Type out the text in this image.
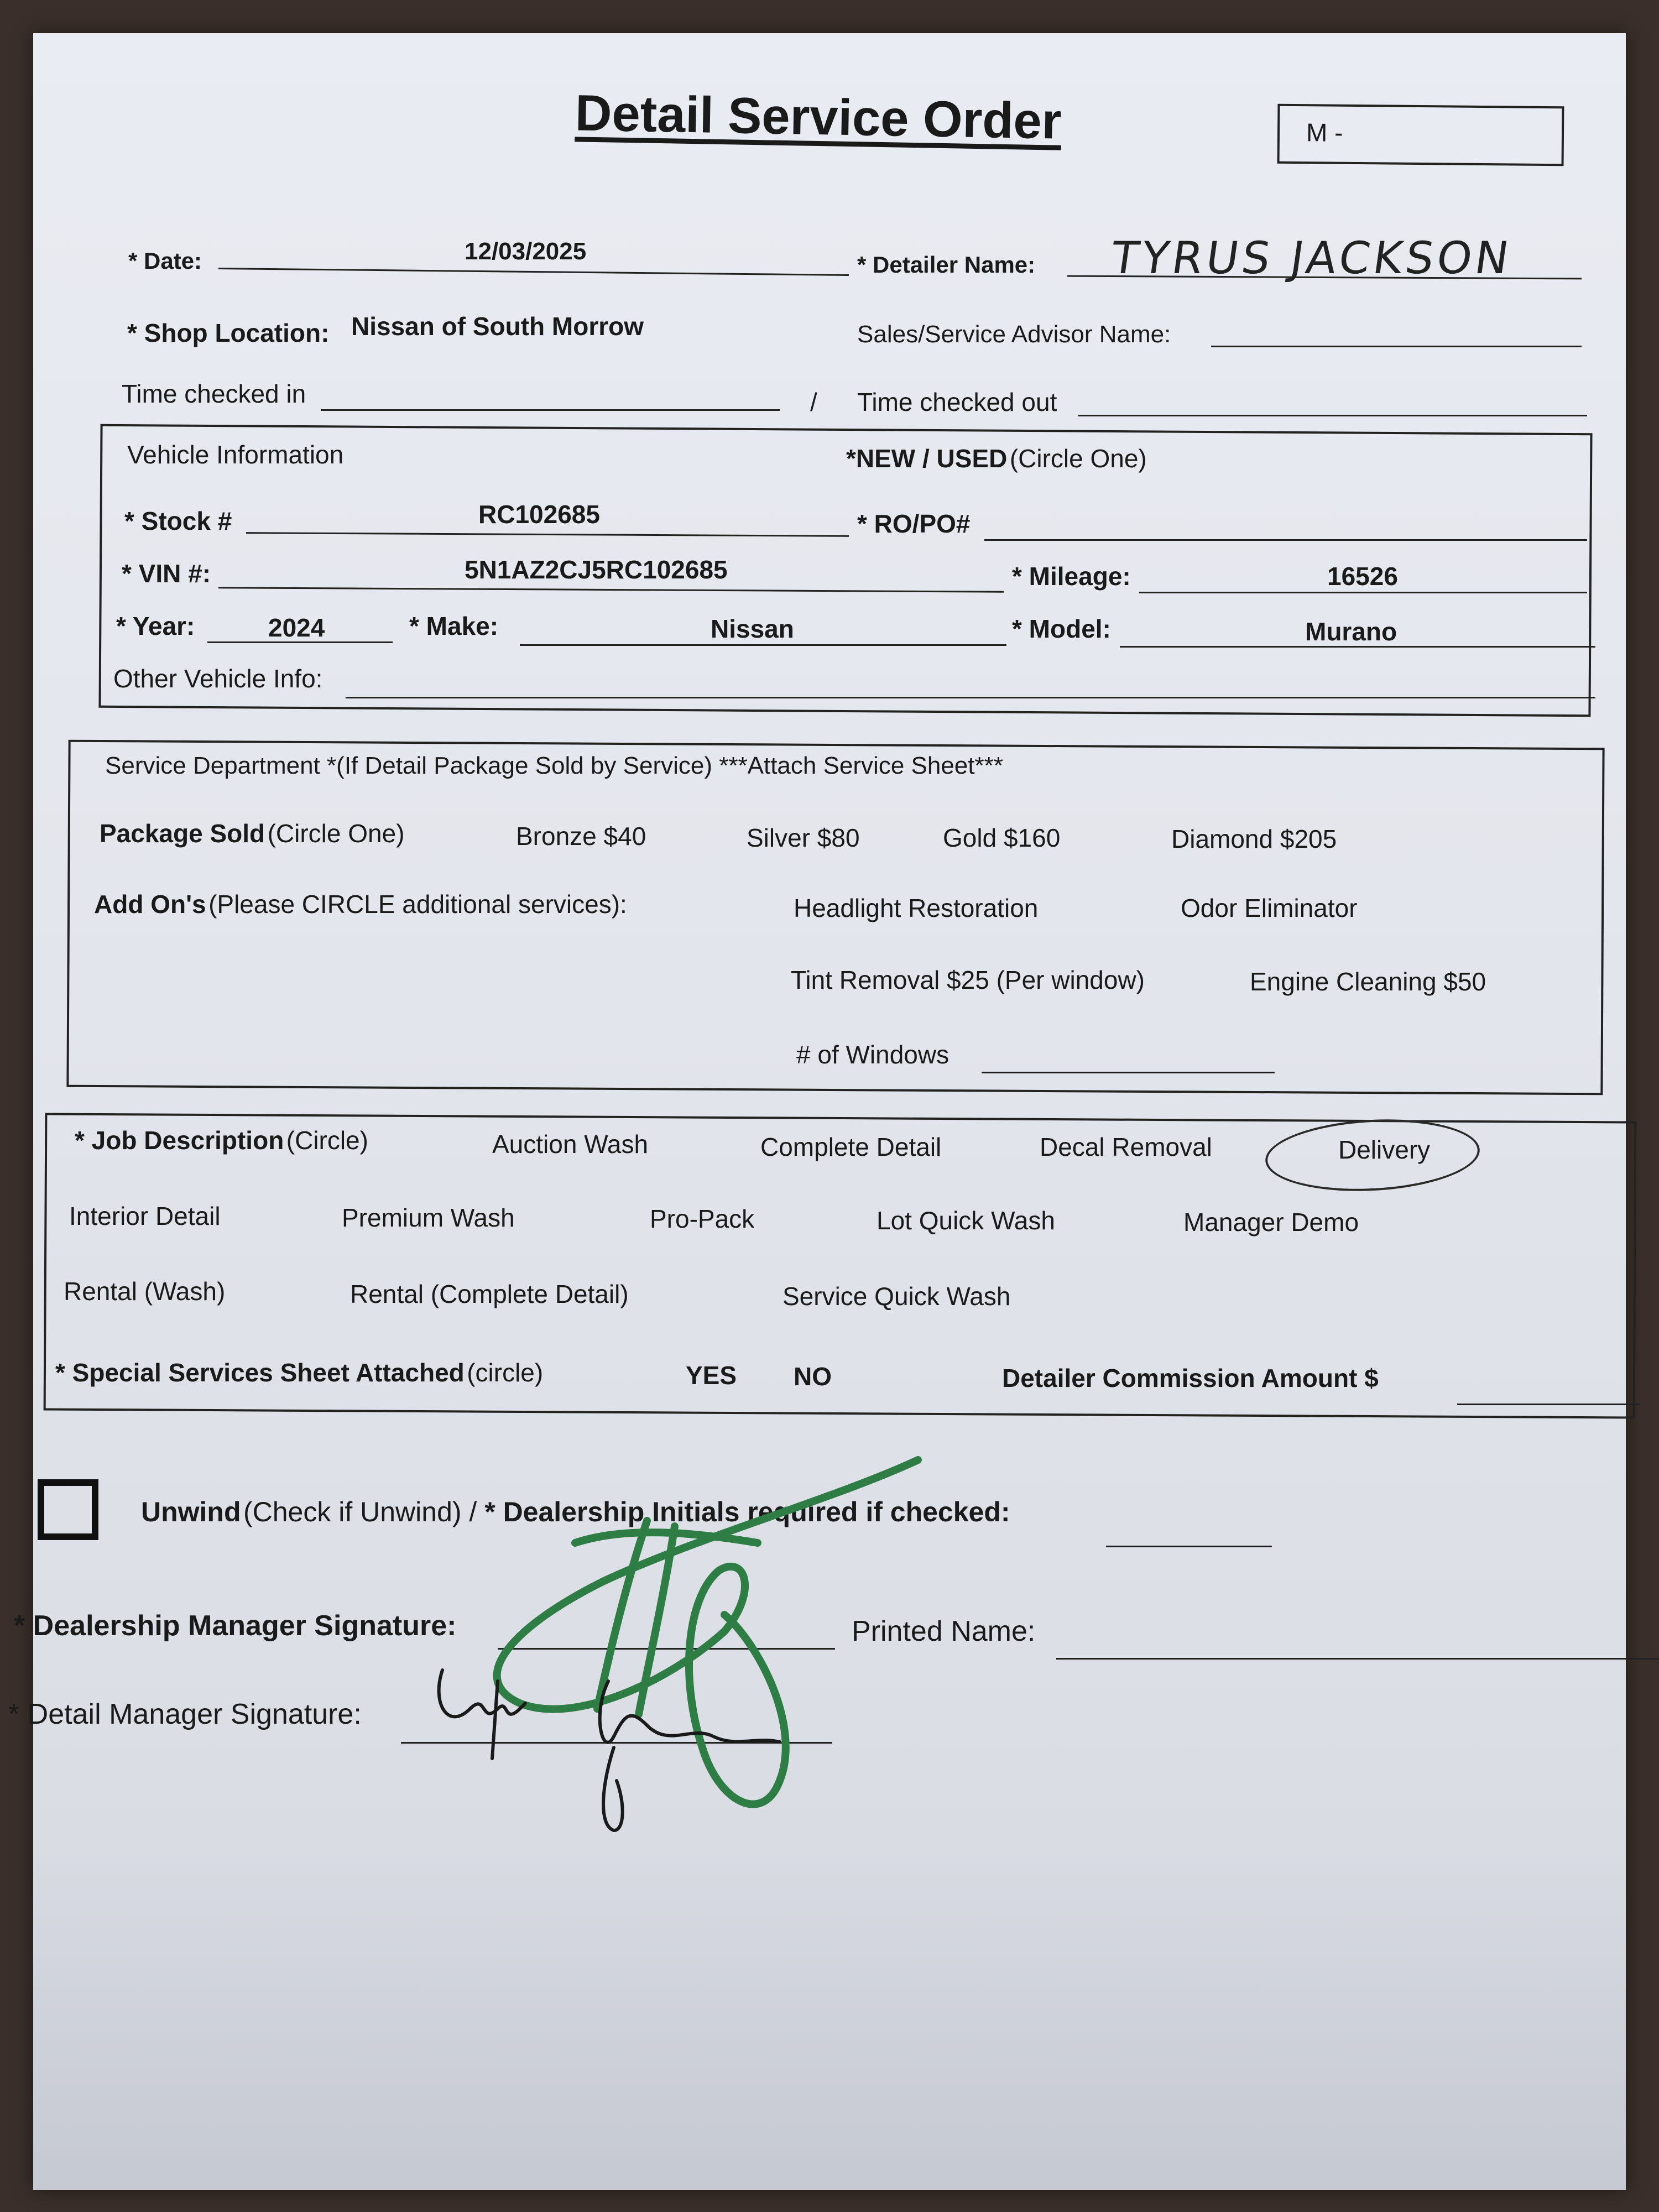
Detail Service Order	M -
* Date:	12/03/2025	* Detailer Name: TYRUS JACKSON
* Shop Location: Nissan of South Morrow	Sales/Service Advisor Name:
Time checked in	/ Time checked out
Vehicle Information	*NEW / USED (Circle One)
* Stock #	RC102685	* RO/PO#
* VIN #:	5N1AZ2CJ5RC102685	* Mileage:	16526
* Year:	2024	* Make:	Nissan	* Model:	Murano
Other Vehicle Info:
Service Department *(If Detail Package Sold by Service) ***Attach Service Sheet***
Package Sold (Circle One)	Bronze $40	Silver $80	Gold $160	Diamond $205
Add On's (Please CIRCLE additional services):	Headlight Restoration	Odor Eliminator
Tint Removal $25 (Per window)	Engine Cleaning $50
# of Windows
* Job Description (Circle)	Auction Wash	Complete Detail	Decal Removal	Delivery
Interior Detail	Premium Wash	Pro-Pack	Lot Quick Wash	Manager Demo
Rental (Wash)	Rental (Complete Detail)	Service Quick Wash
* Special Services Sheet Attached (circle)	YES NO	Detailer Commission Amount $
Unwind (Check if Unwind) / * Dealership Initials required if checked:
* Dealership Manager Signature:	Printed Name:
* Detail Manager Signature:
